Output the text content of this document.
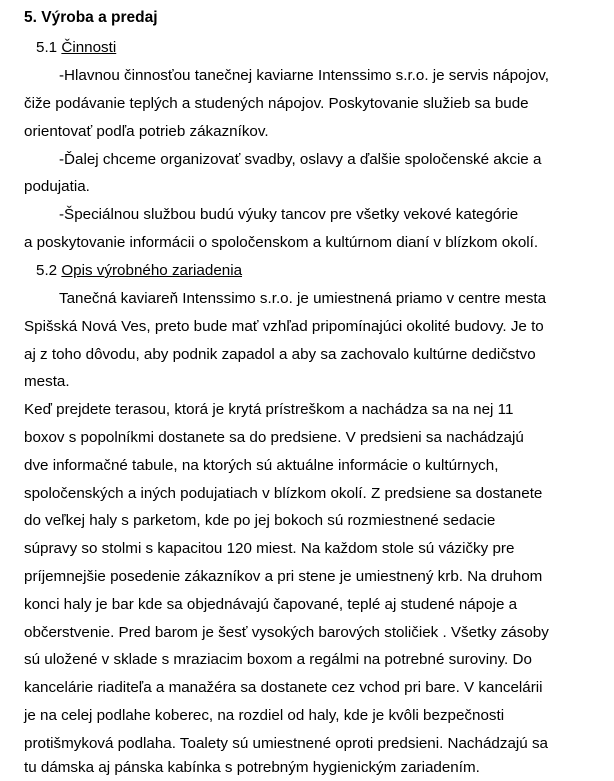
5. Výroba a predaj
5.1 Činnosti
-Hlavnou činnosťou tanečnej kaviarne Intenssimo s.r.o. je servis nápojov,
čiže podávanie teplých a studených nápojov. Poskytovanie služieb sa bude
orientovať podľa potrieb zákazníkov.
-Ďalej chceme organizovať svadby, oslavy a ďalšie spoločenské akcie a
podujatia.
-Špeciálnou službou budú výuky tancov pre všetky vekové kategórie
a poskytovanie informácii o spoločenskom a kultúrnom dianí v blízkom okolí.
5.2 Opis výrobného zariadenia
Tanečná kaviareň Intenssimo s.r.o. je umiestnená priamo v centre mesta
Spišská Nová Ves, preto bude mať vzhľad pripomínajúci okolité budovy. Je to
aj z toho dôvodu, aby podnik zapadol a aby sa zachovalo kultúrne dedičstvo
mesta.
Keď prejdete terasou, ktorá je krytá prístreškom a nachádza sa na nej 11
boxov s popolníkmi dostanete sa do predsiene. V predsieni sa nachádzajú
dve informačné tabule, na ktorých sú aktuálne informácie o kultúrnych,
spoločenských a iných podujatiach v blízkom okolí. Z predsiene sa dostanete
do veľkej haly s parketom, kde po jej bokoch sú rozmiestnené sedacie
súpravy so stolmi s kapacitou 120 miest. Na každom stole sú vázičky pre
príjemnejšie posedenie zákazníkov a pri stene je umiestnený krb. Na druhom
konci haly je bar kde sa objednávajú čapované, teplé aj studené nápoje a
občerstvenie. Pred barom je šesť vysokých barových stoličiek . Všetky zásoby
sú uložené v sklade s mraziacim boxom a regálmi na potrebné suroviny. Do
kancelárie riaditeľa a manažéra sa dostanete cez vchod pri bare. V kancelárii
je na celej podlahe koberec, na rozdiel od haly, kde je kvôli bezpečnosti
protišmyková podlaha. Toalety sú umiestnené oproti predsieni. Nachádzajú sa
tu dámska aj pánska kabínka s potrebným hygienickým zariadením.
